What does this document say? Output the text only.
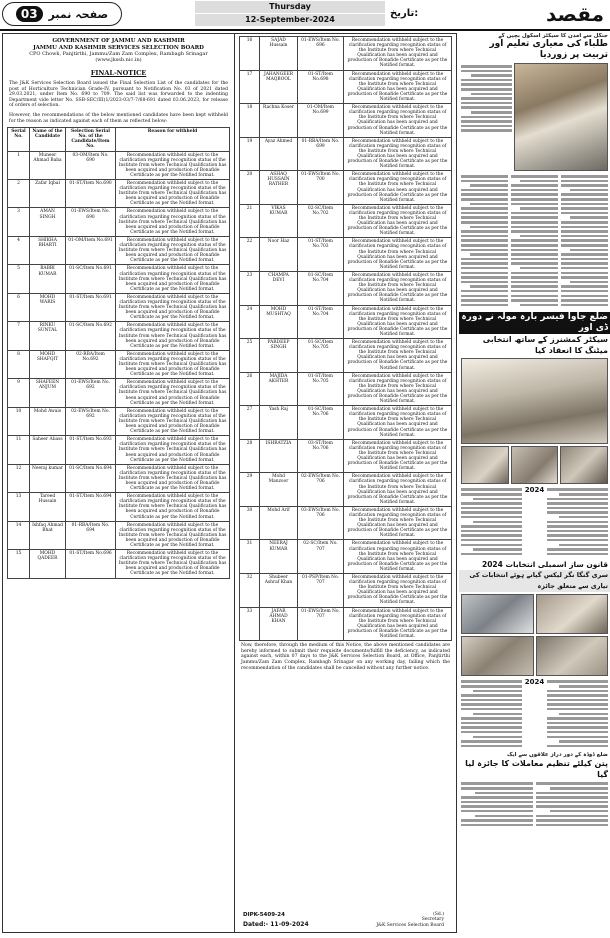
03	صفحہ نمبر
Thursday
12-September-2024
تاریخ:	مقصد
GOVERNMENT OF JAMMU AND KASHMIR
JAMMU AND KASHMIR SERVICES SELECTION BOARD
CPO Chowk, Panjtirthi, Jammu/Zam Zam Complex, Rambagh Srinagar
(www.jkssb.nic.in)
FINAL-NOTICE
The J&K Services Selection Board issued the Final Selection List of the candidates for the post of Horticulture Technician Grade-IV, pursuant to Notification No. 03 of 2021 dated 29.03.2021, under Item No. 690 to 709. The said list was forwarded to the indenting Department vide letter No. SSB-SEC/III(1/2023-03/7-7/68-691 dated 03.06.2023, for release of orders of selection.
However, the recommendations of the below mentioned candidates have been kept withheld for the reason as indicated against each of them as reflected below:
Serial No.	Name of the Candidate	Selection Serial No. of the Candidate/Item No.	Reason for withheld
1	Muneer Ahmad Baba	03-OM/Item No. 690	Recommendation withheld subject to the clarification regarding recognition status of the Institute from where Technical Qualification has been acquired and production of Bonafide Certificate as per the Notified format.
2	Zafar Iqbal	01-ST/Item No.690	Recommendation withheld subject to the clarification regarding recognition status of the Institute from where Technical Qualification has been acquired and production of Bonafide Certificate as per the Notified format.
3	AMAN SINGH	01-EWS/Item No. 690	Recommendation withheld subject to the clarification regarding recognition status of the Institute from where Technical Qualification has been acquired and production of Bonafide Certificate as per the Notified format.
4	SHIKHA BHARTI	01-OM/Item No.691	Recommendation withheld subject to the clarification regarding recognition status of the Institute from where Technical Qualification has been acquired and production of Bonafide Certificate as per the Notified format.
5	BABBI KUMAR	01-SC/Item No.691	Recommendation withheld subject to the clarification regarding recognition status of the Institute from where Technical Qualification has been acquired and production of Bonafide Certificate as per the Notified format.
6	MOHD WARIS	01-ST/Item No.691	Recommendation withheld subject to the clarification regarding recognition status of the Institute from where Technical Qualification has been acquired and production of Bonafide Certificate as per the Notified format.
7	RINKU SUNTAL	01-SC/Item No.692	Recommendation withheld subject to the clarification regarding recognition status of the Institute from where Technical Qualification has been acquired and production of Bonafide Certificate as per the Notified format.
8	MOHD SHAFQIT	02-RBA/Item No.692	Recommendation withheld subject to the clarification regarding recognition status of the Institute from where Technical Qualification has been acquired and production of Bonafide Certificate as per the Notified format.
9	SHAFEEN ANJUM	01-EWS/Item No. 692	Recommendation withheld subject to the clarification regarding recognition status of the Institute from where Technical Qualification has been acquired and production of Bonafide Certificate as per the Notified format.
10	Mohd Awais	02-EWS/Item No. 692	Recommendation withheld subject to the clarification regarding recognition status of the Institute from where Technical Qualification has been acquired and production of Bonafide Certificate as per the Notified format.
11	Saheer Abass	01-ST/Item No.693	Recommendation withheld subject to the clarification regarding recognition status of the Institute from where Technical Qualification has been acquired and production of Bonafide Certificate as per the Notified format.
12	Neeraj kumar	01-SC/Item No.694	Recommendation withheld subject to the clarification regarding recognition status of the Institute from where Technical Qualification has been acquired and production of Bonafide Certificate as per the Notified format.
13	Tareed Hussain	01-ST/Item No.694	Recommendation withheld subject to the clarification regarding recognition status of the Institute from where Technical Qualification has been acquired and production of Bonafide Certificate as per the Notified format.
14	Ishfaq Ahmad Bhat	01-RBA/Item No. 694	Recommendation withheld subject to the clarification regarding recognition status of the Institute from where Technical Qualification has been acquired and production of Bonafide Certificate as per the Notified format.
15	MOHD QADEER	01-ST/Item No.696	Recommendation withheld subject to the clarification regarding recognition status of the Institute from where Technical Qualification has been acquired and production of Bonafide Certificate as per the Notified format.
16	SAJAD Hussain	01-EWS/Item No. 696	Recommendation withheld subject to the clarification regarding recognition status of the Institute from where Technical Qualification has been acquired and production of Bonafide Certificate as per the Notified format.
17	JAHANGEER MAQBOOL	01-ST/Item No.698	Recommendation withheld subject to the clarification regarding recognition status of the Institute from where Technical Qualification has been acquired and production of Bonafide Certificate as per the Notified format.
18	Rachna Koser	01-OM/Item No.699	Recommendation withheld subject to the clarification regarding recognition status of the Institute from where Technical Qualification has been acquired and production of Bonafide Certificate as per the Notified format.
19	Ayaz Ahmed	01-RBA/Item No. 699	Recommendation withheld subject to the clarification regarding recognition status of the Institute from where Technical Qualification has been acquired and production of Bonafide Certificate as per the Notified format.
20	ASHAQ HUSSAIN RATHER	01-EWS/Item No. 700	Recommendation withheld subject to the clarification regarding recognition status of the Institute from where Technical Qualification has been acquired and production of Bonafide Certificate as per the Notified format.
21	VIKAS KUMAR	02-SC/Item No.702	Recommendation withheld subject to the clarification regarding recognition status of the Institute from where Technical Qualification has been acquired and production of Bonafide Certificate as per the Notified format.
22	Noor Haz	01-ST/Item No.703	Recommendation withheld subject to the clarification regarding recognition status of the Institute from where Technical Qualification has been acquired and production of Bonafide Certificate as per the Notified format.
23	CHAMPA DEVI	01-SC/Item No.704	Recommendation withheld subject to the clarification regarding recognition status of the Institute from where Technical Qualification has been acquired and production of Bonafide Certificate as per the Notified format.
24	MOHD MUSHTAQ	01-ST/Item No.704	Recommendation withheld subject to the clarification regarding recognition status of the Institute from where Technical Qualification has been acquired and production of Bonafide Certificate as per the Notified format.
25	PARDEEP SINGH	01-SC/Item No.705	Recommendation withheld subject to the clarification regarding recognition status of the Institute from where Technical Qualification has been acquired and production of Bonafide Certificate as per the Notified format.
26	MAJIDA AKHTER	01-ST/Item No.705	Recommendation withheld subject to the clarification regarding recognition status of the Institute from where Technical Qualification has been acquired and production of Bonafide Certificate as per the Notified format.
27	Yash Raj	01-SC/Item No.706	Recommendation withheld subject to the clarification regarding recognition status of the Institute from where Technical Qualification has been acquired and production of Bonafide Certificate as per the Notified format.
28	ISHRATZIA	03-ST/Item No.706	Recommendation withheld subject to the clarification regarding recognition status of the Institute from where Technical Qualification has been acquired and production of Bonafide Certificate as per the Notified format.
29	Mohd Manzoor	02-EWS/Item No. 706	Recommendation withheld subject to the clarification regarding recognition status of the Institute from where Technical Qualification has been acquired and production of Bonafide Certificate as per the Notified format.
30	Mohd Arif	03-EWS/Item No. 706	Recommendation withheld subject to the clarification regarding recognition status of the Institute from where Technical Qualification has been acquired and production of Bonafide Certificate as per the Notified format.
31	NEERAJ KUMAR	02-SC/Item No. 707	Recommendation withheld subject to the clarification regarding recognition status of the Institute from where Technical Qualification has been acquired and production of Bonafide Certificate as per the Notified format.
32	Shubeer Ashraf Khan	01-PSP/Item No. 707	Recommendation withheld subject to the clarification regarding recognition status of the Institute from where Technical Qualification has been acquired and production of Bonafide Certificate as per the Notified format.
33	JAFAR AHMAD KHAN	01-EWS/Item No. 707	Recommendation withheld subject to the clarification regarding recognition status of the Institute from where Technical Qualification has been acquired and production of Bonafide Certificate as per the Notified format.
Now, therefore, through the medium of this Notice, the above mentioned candidates are hereby informed to submit their requisite documents/fulfill the deficiency, as indicated against each, within 07 days to the J&K Services Selection Board, at Office, Panjtirthi Jammu/Zam Zam Complex, Rambagh Srinagar on any working day, failing which the recommendation of the candidates shall be cancelled without any further notice.
DIPK-5409-24
Dated:- 11-09-2024
(Sd.)
Secretary
J&K Services Selection Board
جنگل سے آمدن کا سیکٹر اسکول بچیں گے
طلباء کی معیاری تعلیم اور تربیت پر زوردیا
ضلع جاوا فیسر بارہ مولہ نے دورہ ڈی اور
سیکٹر کمشنرز کے ساتھ انتخابی میٹنگ کا انعقاد کیا
2024
قانون ساز اسمبلی انتخابات 2024
سری گنگا نگر لیکس گیانے ہوئے انتخابات کی تیاری سے متعلق جائزہ
2024
ضلع ڈوڈہ کے دور دراز علاقوں سے ایک
پتن کیلئے تنظیم معاملات کا جائزہ لیا گیا
